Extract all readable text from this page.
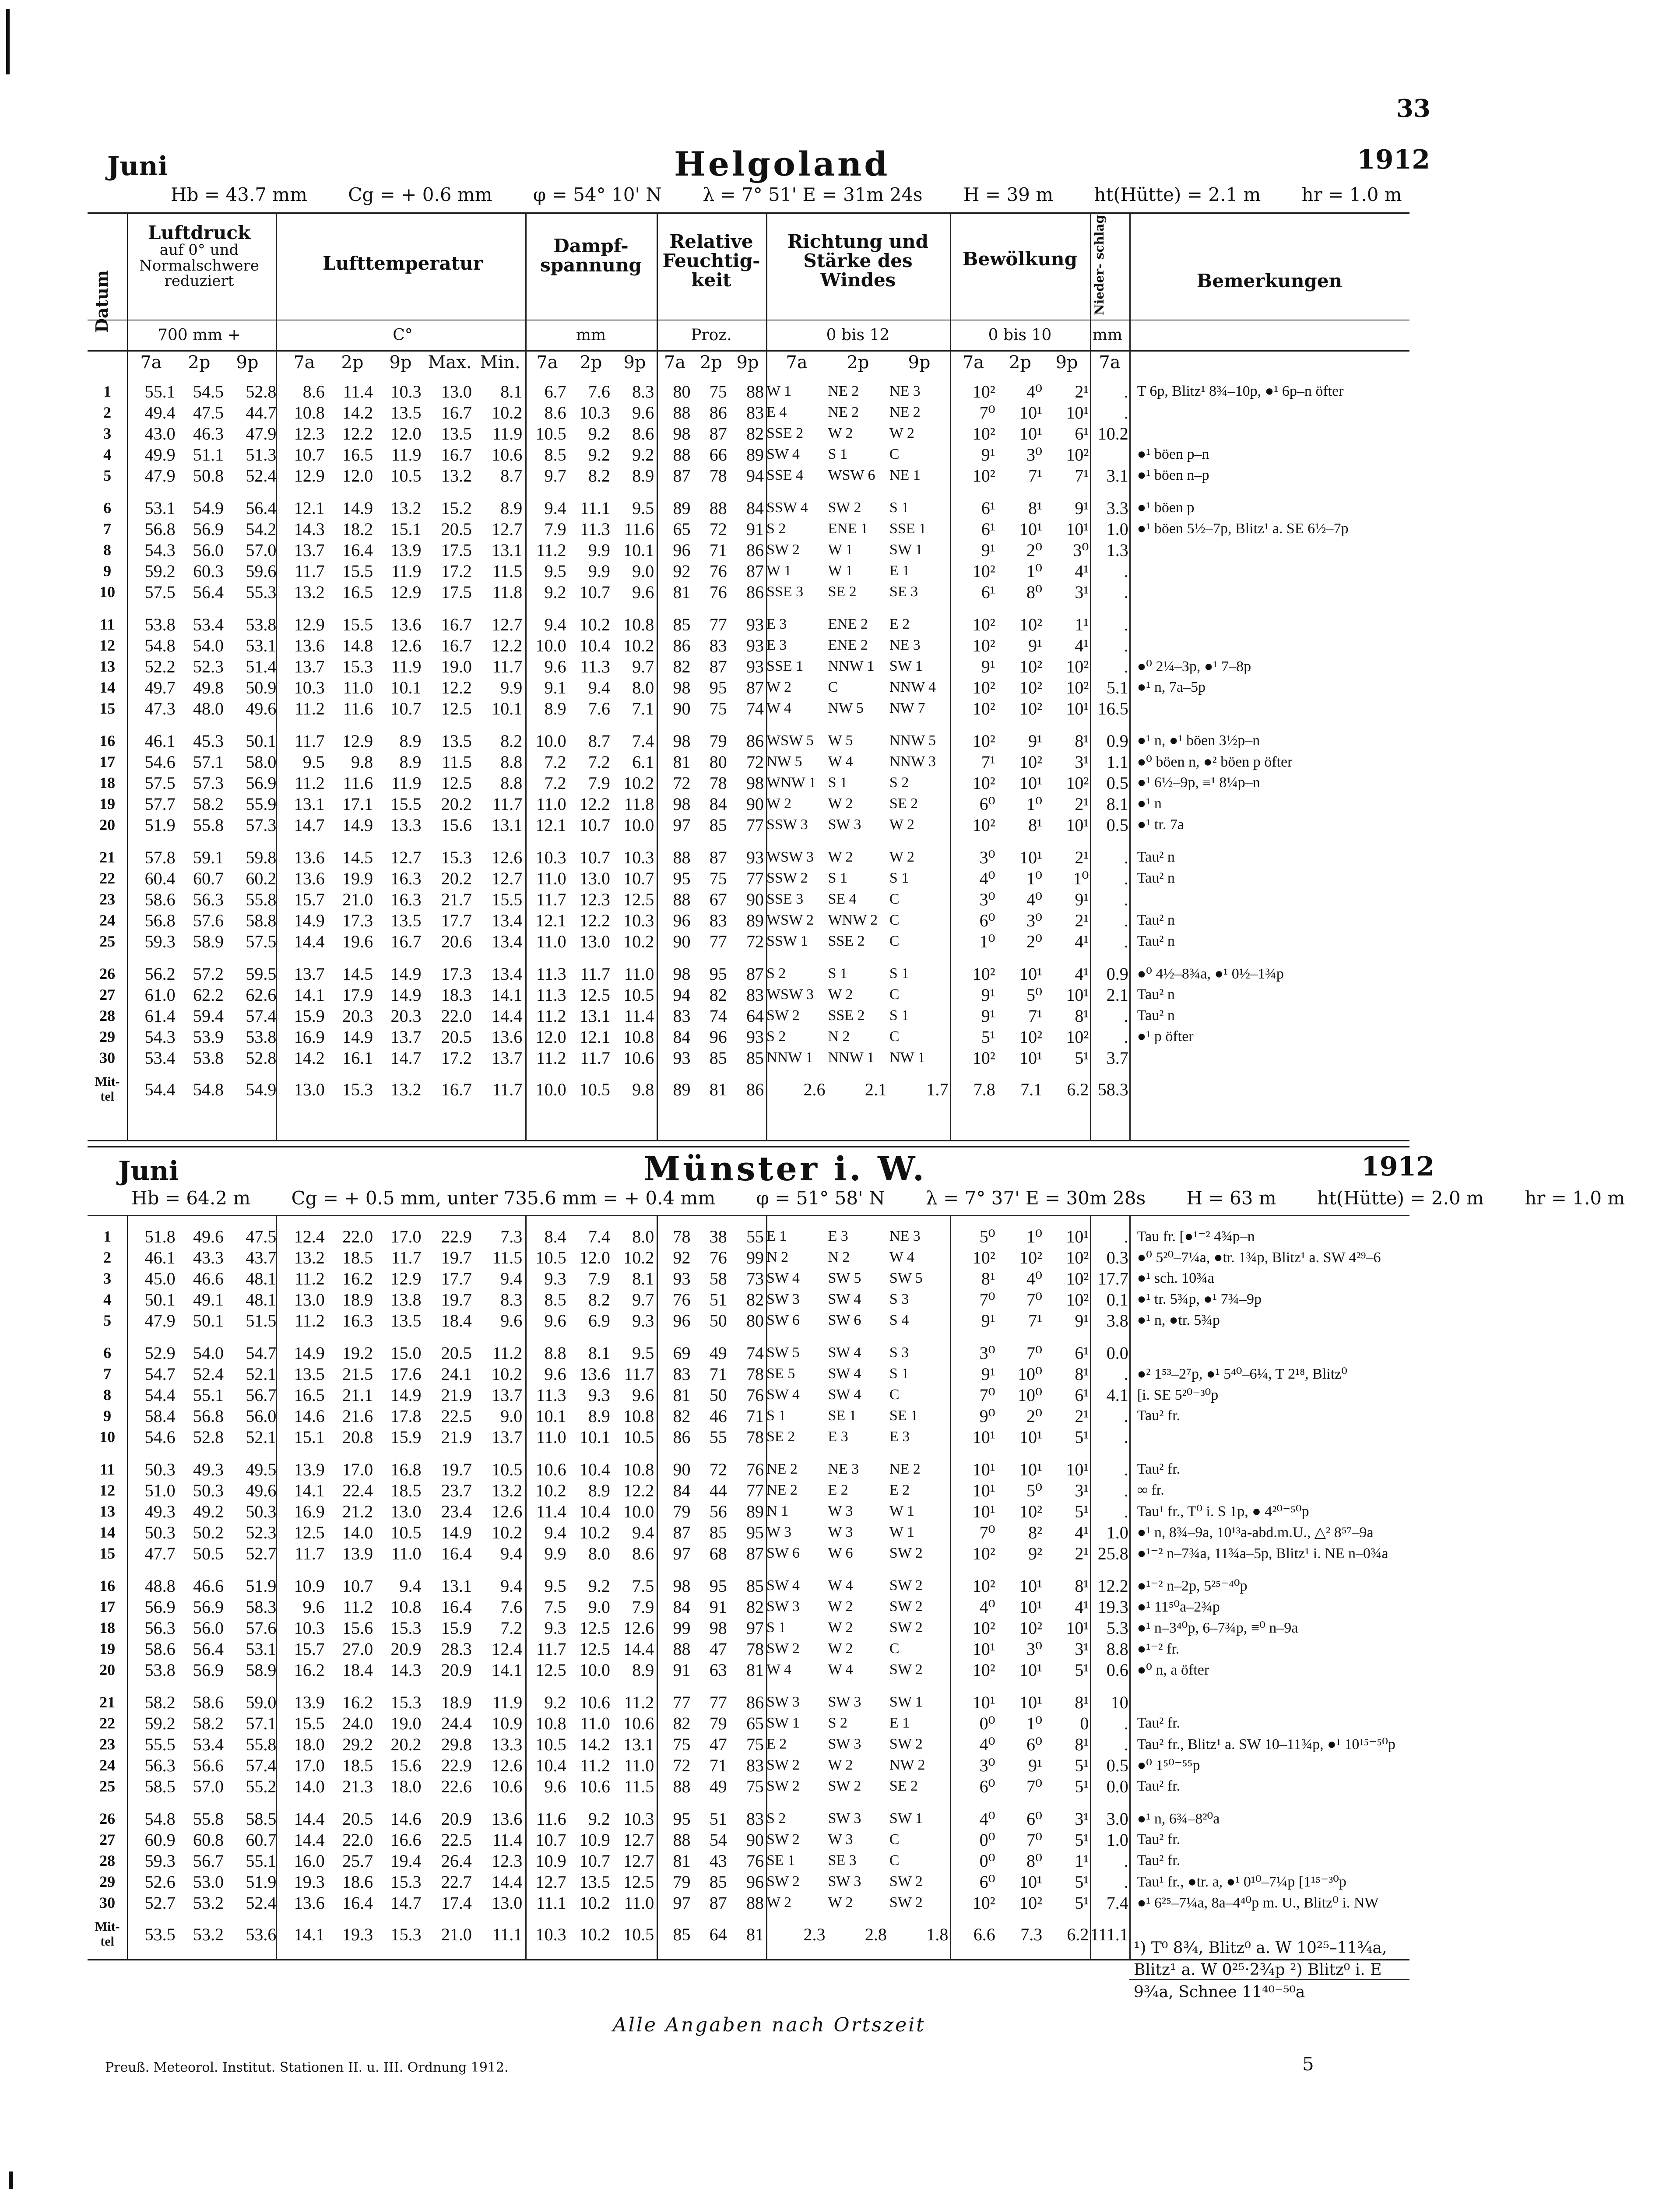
33
Juni	Helgoland	1912
Hb = 43.7 mm Cg = + 0.6 mm φ = 54° 10' N λ = 7° 51' E = 31m 24s H = 39 m ht(Hütte) = 2.1 m hr = 1.0 m
Datum
Luftdruck
auf 0° und Normalschwere reduziert
700 mm +
Lufttemperatur
C°
Dampf- spannung
mm
Relative Feuchtig- keit
Proz.
Richtung und Stärke des Windes
0 bis 12
Bewölkung
0 bis 10
Nieder- schlag
mm
Bemerkungen
7a	2p	9p	7a	2p	9p Max. Min. 7a	2p	9p	7a 2p 9p	7a	2p	9p	7a	2p	9p	7a
1	55.1	54.5	52.8	8.6	11.4	10.3	13.0	8.1	6.7	7.6	8.3	80	75	88	W 1	NE 2	NE 3	10²	4⁰	2¹	.	T 6p, Blitz¹ 8¾–10p, ●¹ 6p–n öfter
2	49.4	47.5	44.7	10.8	14.2	13.5	16.7	10.2	8.6	10.3	9.6	88	86	83	E 4	NE 2	NE 2	7⁰	10¹	10¹	.	
3	43.0	46.3	47.9	12.3	12.2	12.0	13.5	11.9	10.5	9.2	8.6	98	87	82	SSE 2	W 2	W 2	10²	10¹	6¹	10.2	
4	49.9	51.1	51.3	10.7	16.5	11.9	16.7	10.6	8.5	9.2	9.2	88	66	89	SW 4	S 1	C	9¹	3⁰	10²		●¹ böen p–n
5	47.9	50.8	52.4	12.9	12.0	10.5	13.2	8.7	9.7	8.2	8.9	87	78	94	SSE 4	WSW 6	NE 1	10²	7¹	7¹	3.1	●¹ böen n–p

6	53.1	54.9	56.4	12.1	14.9	13.2	15.2	8.9	9.4	11.1	9.5	89	88	84	SSW 4	SW 2	S 1	6¹	8¹	9¹	3.3	●¹ böen p
7	56.8	56.9	54.2	14.3	18.2	15.1	20.5	12.7	7.9	11.3	11.6	65	72	91	S 2	ENE 1	SSE 1	6¹	10¹	10¹	1.0	●¹ böen 5½–7p, Blitz¹ a. SE 6½–7p
8	54.3	56.0	57.0	13.7	16.4	13.9	17.5	13.1	11.2	9.9	10.1	96	71	86	SW 2	W 1	SW 1	9¹	2⁰	3⁰	1.3	
9	59.2	60.3	59.6	11.7	15.5	11.9	17.2	11.5	9.5	9.9	9.0	92	76	87	W 1	W 1	E 1	10²	1⁰	4¹	.	
10	57.5	56.4	55.3	13.2	16.5	12.9	17.5	11.8	9.2	10.7	9.6	81	76	86	SSE 3	SE 2	SE 3	6¹	8⁰	3¹	.	

11	53.8	53.4	53.8	12.9	15.5	13.6	16.7	12.7	9.4	10.2	10.8	85	77	93	E 3	ENE 2	E 2	10²	10²	1¹	.	
12	54.8	54.0	53.1	13.6	14.8	12.6	16.7	12.2	10.0	10.4	10.2	86	83	93	E 3	ENE 2	NE 3	10²	9¹	4¹	.	
13	52.2	52.3	51.4	13.7	15.3	11.9	19.0	11.7	9.6	11.3	9.7	82	87	93	SSE 1	NNW 1	SW 1	9¹	10²	10²	.	●⁰ 2¼–3p, ●¹ 7–8p
14	49.7	49.8	50.9	10.3	11.0	10.1	12.2	9.9	9.1	9.4	8.0	98	95	87	W 2	C	NNW 4	10²	10²	10²	5.1	●¹ n, 7a–5p
15	47.3	48.0	49.6	11.2	11.6	10.7	12.5	10.1	8.9	7.6	7.1	90	75	74	W 4	NW 5	NW 7	10²	10²	10¹	16.5	

16	46.1	45.3	50.1	11.7	12.9	8.9	13.5	8.2	10.0	8.7	7.4	98	79	86	WSW 5	W 5	NNW 5	10²	9¹	8¹	0.9	●¹ n, ●¹ böen 3½p–n
17	54.6	57.1	58.0	9.5	9.8	8.9	11.5	8.8	7.2	7.2	6.1	81	80	72	NW 5	W 4	NNW 3	7¹	10²	3¹	1.1	●⁰ böen n, ●² böen p öfter
18	57.5	57.3	56.9	11.2	11.6	11.9	12.5	8.8	7.2	7.9	10.2	72	78	98	WNW 1	S 1	S 2	10²	10¹	10²	0.5	●¹ 6½–9p, ≡¹ 8¼p–n
19	57.7	58.2	55.9	13.1	17.1	15.5	20.2	11.7	11.0	12.2	11.8	98	84	90	W 2	W 2	SE 2	6⁰	1⁰	2¹	8.1	●¹ n
20	51.9	55.8	57.3	14.7	14.9	13.3	15.6	13.1	12.1	10.7	10.0	97	85	77	SSW 3	SW 3	W 2	10²	8¹	10¹	0.5	●¹ tr. 7a

21	57.8	59.1	59.8	13.6	14.5	12.7	15.3	12.6	10.3	10.7	10.3	88	87	93	WSW 3	W 2	W 2	3⁰	10¹	2¹	.	Tau² n
22	60.4	60.7	60.2	13.6	19.9	16.3	20.2	12.7	11.0	13.0	10.7	95	75	77	SSW 2	S 1	S 1	4⁰	1⁰	1⁰	.	Tau² n
23	58.6	56.3	55.8	15.7	21.0	16.3	21.7	15.5	11.7	12.3	12.5	88	67	90	SSE 3	SE 4	C	3⁰	4⁰	9¹	.	
24	56.8	57.6	58.8	14.9	17.3	13.5	17.7	13.4	12.1	12.2	10.3	96	83	89	WSW 2	WNW 2	C	6⁰	3⁰	2¹	.	Tau² n
25	59.3	58.9	57.5	14.4	19.6	16.7	20.6	13.4	11.0	13.0	10.2	90	77	72	SSW 1	SSE 2	C	1⁰	2⁰	4¹	.	Tau² n

26	56.2	57.2	59.5	13.7	14.5	14.9	17.3	13.4	11.3	11.7	11.0	98	95	87	S 2	S 1	S 1	10²	10¹	4¹	0.9	●⁰ 4½–8¾a, ●¹ 0½–1¾p
27	61.0	62.2	62.6	14.1	17.9	14.9	18.3	14.1	11.3	12.5	10.5	94	82	83	WSW 3	W 2	C	9¹	5⁰	10¹	2.1	Tau² n
28	61.4	59.4	57.4	15.9	20.3	20.3	22.0	14.4	11.2	13.1	11.4	83	74	64	SW 2	SSE 2	S 1	9¹	7¹	8¹	.	Tau² n
29	54.3	53.9	53.8	16.9	14.9	13.7	20.5	13.6	12.0	12.1	10.8	84	96	93	S 2	N 2	C	5¹	10²	10²	.	●¹ p öfter
30	53.4	53.8	52.8	14.2	16.1	14.7	17.2	13.7	11.2	11.7	10.6	93	85	85	NNW 1	NNW 1	NW 1	10²	10¹	5¹	3.7	
Mit- tel	54.4	54.8	54.9	13.0	15.3	13.2	16.7	11.7	10.0	10.5	9.8	89	81	86	2.6	2.1	1.7	7.8	7.1	6.2	58.3	
Juni	Münster i. W.	1912
Hb = 64.2 m Cg = + 0.5 mm, unter 735.6 mm = + 0.4 mm φ = 51° 58' N λ = 7° 37' E = 30m 28s H = 63 m ht(Hütte) = 2.0 m hr = 1.0 m
1	51.8	49.6	47.5	12.4	22.0	17.0	22.9	7.3	8.4	7.4	8.0	78	38	55	E 1	E 3	NE 3	5⁰	1⁰	10¹	.	Tau fr. [●¹⁻² 4¾p–n
2	46.1	43.3	43.7	13.2	18.5	11.7	19.7	11.5	10.5	12.0	10.2	92	76	99	N 2	N 2	W 4	10²	10²	10²	0.3	●⁰ 5²⁰–7¼a, ●tr. 1¾p, Blitz¹ a. SW 4²⁹–6
3	45.0	46.6	48.1	11.2	16.2	12.9	17.7	9.4	9.3	7.9	8.1	93	58	73	SW 4	SW 5	SW 5	8¹	4⁰	10²	17.7	●¹ sch. 10¾a
4	50.1	49.1	48.1	13.0	18.9	13.8	19.7	8.3	8.5	8.2	9.7	76	51	82	SW 3	SW 4	S 3	7⁰	7⁰	10²	0.1	●¹ tr. 5¾p, ●¹ 7¾–9p
5	47.9	50.1	51.5	11.2	16.3	13.5	18.4	9.6	9.6	6.9	9.3	96	50	80	SW 6	SW 6	S 4	9¹	7¹	9¹	3.8	●¹ n, ●tr. 5¾p

6	52.9	54.0	54.7	14.9	19.2	15.0	20.5	11.2	8.8	8.1	9.5	69	49	74	SW 5	SW 4	S 3	3⁰	7⁰	6¹	0.0	
7	54.7	52.4	52.1	13.5	21.5	17.6	24.1	10.2	9.6	13.6	11.7	83	71	78	SE 5	SW 4	S 1	9¹	10⁰	8¹	.	●² 1⁵³–2⁷p, ●¹ 5⁴⁰–6¼, T 2¹⁸, Blitz⁰
8	54.4	55.1	56.7	16.5	21.1	14.9	21.9	13.7	11.3	9.3	9.6	81	50	76	SW 4	SW 4	C	7⁰	10⁰	6¹	4.1	[i. SE 5²⁰⁻³⁰p
9	58.4	56.8	56.0	14.6	21.6	17.8	22.5	9.0	10.1	8.9	10.8	82	46	71	S 1	SE 1	SE 1	9⁰	2⁰	2¹	.	Tau² fr.
10	54.6	52.8	52.1	15.1	20.8	15.9	21.9	13.7	11.0	10.1	10.5	86	55	78	SE 2	E 3	E 3	10¹	10¹	5¹	.	

11	50.3	49.3	49.5	13.9	17.0	16.8	19.7	10.5	10.6	10.4	10.8	90	72	76	NE 2	NE 3	NE 2	10¹	10¹	10¹	.	Tau² fr.
12	51.0	50.3	49.6	14.1	22.4	18.5	23.7	13.2	10.2	8.9	12.2	84	44	77	NE 2	E 2	E 2	10¹	5⁰	3¹	.	∞ fr.
13	49.3	49.2	50.3	16.9	21.2	13.0	23.4	12.6	11.4	10.4	10.0	79	56	89	N 1	W 3	W 1	10¹	10²	5¹	.	Tau¹ fr., T⁰ i. S 1p, ● 4²⁰⁻⁵⁰p
14	50.3	50.2	52.3	12.5	14.0	10.5	14.9	10.2	9.4	10.2	9.4	87	85	95	W 3	W 3	W 1	7⁰	8²	4¹	1.0	●¹ n, 8¾–9a, 10¹³a-abd.m.U., △² 8⁵⁷–9a
15	47.7	50.5	52.7	11.7	13.9	11.0	16.4	9.4	9.9	8.0	8.6	97	68	87	SW 6	W 6	SW 2	10²	9²	2¹	25.8	●¹⁻² n–7¾a, 11¾a–5p, Blitz¹ i. NE n–0¾a

16	48.8	46.6	51.9	10.9	10.7	9.4	13.1	9.4	9.5	9.2	7.5	98	95	85	SW 4	W 4	SW 2	10²	10¹	8¹	12.2	●¹⁻² n–2p, 5²⁵⁻⁴⁰p
17	56.9	56.9	58.3	9.6	11.2	10.8	16.4	7.6	7.5	9.0	7.9	84	91	82	SW 3	W 2	SW 2	4⁰	10¹	4¹	19.3	●¹ 11⁵⁰a–2¾p
18	56.3	56.0	57.6	10.3	15.6	15.3	15.9	7.2	9.3	12.5	12.6	99	98	97	S 1	W 2	SW 2	10²	10²	10¹	5.3	●¹ n–3⁴⁰p, 6–7¾p, ≡⁰ n–9a
19	58.6	56.4	53.1	15.7	27.0	20.9	28.3	12.4	11.7	12.5	14.4	88	47	78	SW 2	W 2	C	10¹	3⁰	3¹	8.8	●¹⁻² fr.
20	53.8	56.9	58.9	16.2	18.4	14.3	20.9	14.1	12.5	10.0	8.9	91	63	81	W 4	W 4	SW 2	10²	10¹	5¹	0.6	●⁰ n, a öfter

21	58.2	58.6	59.0	13.9	16.2	15.3	18.9	11.9	9.2	10.6	11.2	77	77	86	SW 3	SW 3	SW 1	10¹	10¹	8¹	10	
22	59.2	58.2	57.1	15.5	24.0	19.0	24.4	10.9	10.8	11.0	10.6	82	79	65	SW 1	S 2	E 1	0⁰	1⁰	0	.	Tau² fr.
23	55.5	53.4	55.8	18.0	29.2	20.2	29.8	13.3	10.5	14.2	13.1	75	47	75	E 2	SW 3	SW 2	4⁰	6⁰	8¹	.	Tau² fr., Blitz¹ a. SW 10–11¾p, ●¹ 10¹⁵⁻⁵⁰p
24	56.3	56.6	57.4	17.0	18.5	15.6	22.9	12.6	10.4	11.2	11.0	72	71	83	SW 2	W 2	NW 2	3⁰	9¹	5¹	0.5	●⁰ 1⁵⁰⁻⁵⁵p
25	58.5	57.0	55.2	14.0	21.3	18.0	22.6	10.6	9.6	10.6	11.5	88	49	75	SW 2	SW 2	SE 2	6⁰	7⁰	5¹	0.0	Tau² fr.

26	54.8	55.8	58.5	14.4	20.5	14.6	20.9	13.6	11.6	9.2	10.3	95	51	83	S 2	SW 3	SW 1	4⁰	6⁰	3¹	3.0	●¹ n, 6¾–8²⁰a
27	60.9	60.8	60.7	14.4	22.0	16.6	22.5	11.4	10.7	10.9	12.7	88	54	90	SW 2	W 3	C	0⁰	7⁰	5¹	1.0	Tau² fr.
28	59.3	56.7	55.1	16.0	25.7	19.4	26.4	12.3	10.9	10.7	12.7	81	43	76	SE 1	SE 3	C	0⁰	8⁰	1¹	.	Tau² fr.
29	52.6	53.0	51.9	19.3	18.6	15.3	22.7	14.4	12.7	13.5	12.5	79	85	96	SW 2	SW 3	SW 2	6⁰	10¹	5¹	.	Tau¹ fr., ●tr. a, ●¹ 0¹⁰–7¼p [1¹⁵⁻³⁰p
30	52.7	53.2	52.4	13.6	16.4	14.7	17.4	13.0	11.1	10.2	11.0	97	87	88	W 2	W 2	SW 2	10²	10²	5¹	7.4	●¹ 6²⁵–7¼a, 8a–4⁴⁰p m. U., Blitz⁰ i. NW
Mit- tel	53.5	53.2	53.6	14.1	19.3	15.3	21.0	11.1	10.3	10.2	10.5	85	64	81	2.3	2.8	1.8	6.6	7.3	6.2	111.1	
¹) T⁰ 8¾, Blitz⁰ a. W 10²⁵–11¾a, Blitz¹ a. W 0²⁵·2¾p ²) Blitz⁰ i. E 9¾a, Schnee 11⁴⁰⁻⁵⁰a
Alle Angaben nach Ortszeit
Preuß. Meteorol. Institut. Stationen II. u. III. Ordnung 1912.	5
